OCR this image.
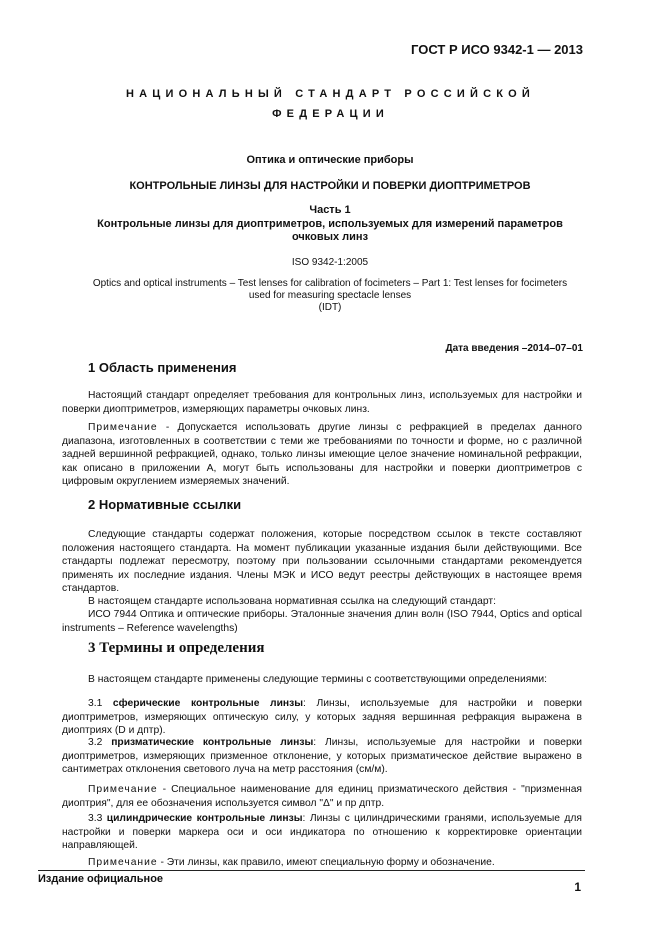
ГОСТ Р ИСО 9342-1 — 2013
НАЦИОНАЛЬНЫЙ СТАНДАРТ РОССИЙСКОЙ
ФЕДЕРАЦИИ
Оптика и оптические приборы
КОНТРОЛЬНЫЕ ЛИНЗЫ ДЛЯ НАСТРОЙКИ И ПОВЕРКИ ДИОПТРИМЕТРОВ
Часть 1
Контрольные линзы для диоптриметров, используемых для измерений параметров
очковых линз
ISO 9342-1:2005
Optics and optical instruments – Test lenses for calibration of focimeters – Part 1: Test lenses for focimeters
used for measuring spectacle lenses
(IDT)
Дата введения –2014–07–01
1 Область применения

Настоящий стандарт определяет требования для контрольных линз, используемых для настройки и поверки диоптриметров, измеряющих параметры очковых линз.

Примечание - Допускается использовать другие линзы с рефракцией в пределах данного диапазона, изготовленных в соответствии с теми же требованиями по точности и форме, но с различной задней вершинной рефракцией, однако, только линзы имеющие целое значение номинальной рефракции, как описано в приложении А, могут быть использованы для настройки и поверки диоптриметров с цифровым округлением измеряемых значений.

2 Нормативные ссылки

Следующие стандарты содержат положения, которые посредством ссылок в тексте составляют положения настоящего стандарта. На момент публикации указанные издания были действующими. Все стандарты подлежат пересмотру, поэтому при пользовании ссылочными стандартами рекомендуется применять их последние издания. Члены МЭК и ИСО ведут реестры действующих в настоящее время стандартов.

В настоящем стандарте использована нормативная ссылка на следующий стандарт:

ИСО 7944 Оптика и оптические приборы. Эталонные значения длин волн (ISO 7944, Optics and optical instruments – Reference wavelengths)

3 Термины и определения

В настоящем стандарте применены следующие термины с соответствующими определениями:

3.1 сферические контрольные линзы: Линзы, используемые для настройки и поверки диоптриметров, измеряющих оптическую силу, у которых задняя вершинная рефракция выражена в диоптриях (D и дптр).

3.2 призматические контрольные линзы: Линзы, используемые для настройки и поверки диоптриметров, измеряющих призменное отклонение, у которых призматическое действие выражено в сантиметрах отклонения светового луча на метр расстояния (см/м).

Примечание - Специальное наименование для единиц призматического действия - "призменная диоптрия", для ее обозначения используется символ "Δ" и пр дптр.

3.3 цилиндрические контрольные линзы: Линзы с цилиндрическими гранями, используемые для настройки и поверки маркера оси и оси индикатора по отношению к корректировке ориентации направляющей.

Примечание - Эти линзы, как правило, имеют специальную форму и обозначение.

Издание официальное
1
